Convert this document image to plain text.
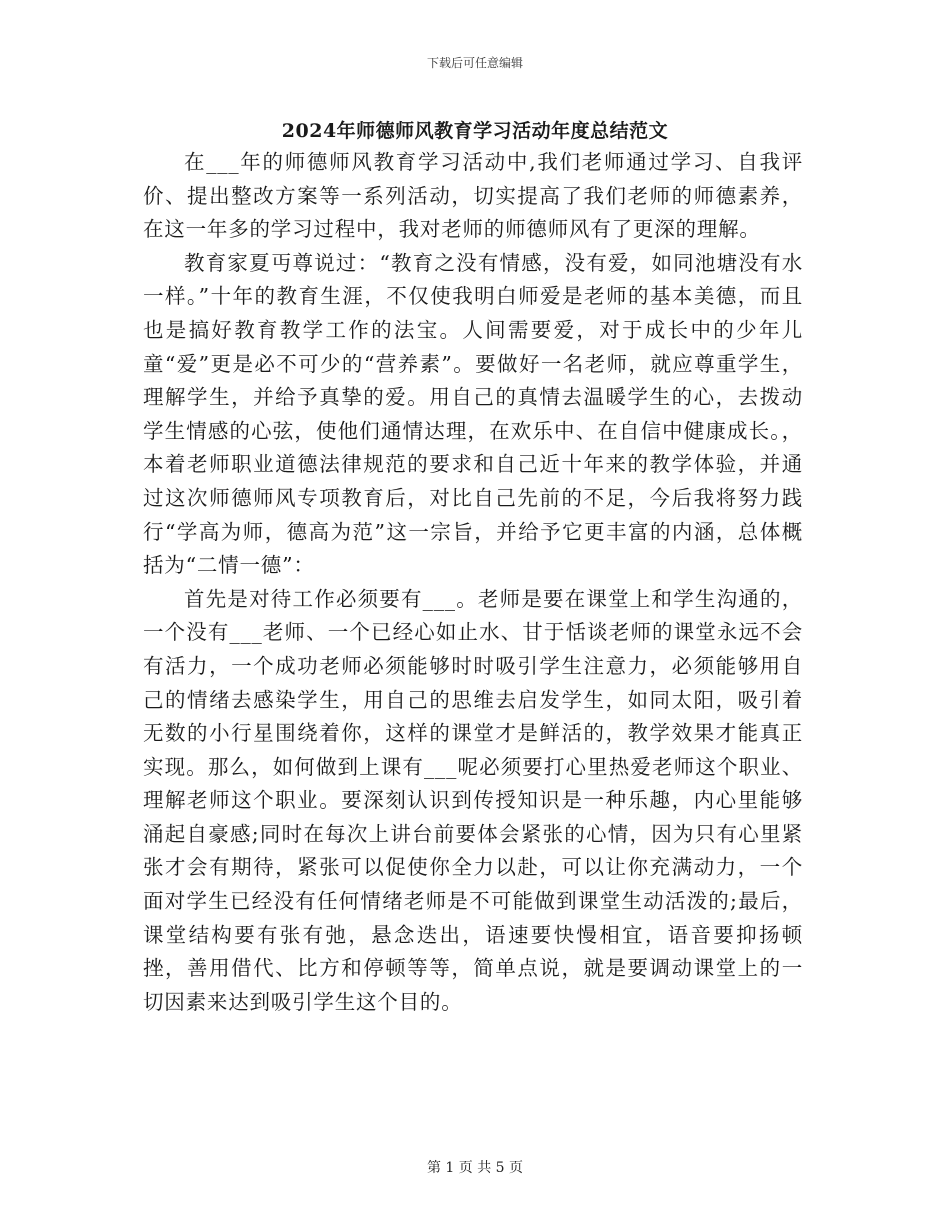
下载后可任意编辑
2024年师德师风教育学习活动年度总结范文

在___年的师德师风教育学习活动中,我们老师通过学习、自我评价、提出整改方案等一系列活动，切实提高了我们老师的师德素养，在这一年多的学习过程中，我对老师的师德师风有了更深的理解。

教育家夏丏尊说过：“教育之没有情感，没有爱，如同池塘没有水一样。”十年的教育生涯，不仅使我明白师爱是老师的基本美德，而且也是搞好教育教学工作的法宝。人间需要爱，对于成长中的少年儿童“爱”更是必不可少的“营养素”。要做好一名老师，就应尊重学生，理解学生，并给予真挚的爱。用自己的真情去温暖学生的心，去拨动学生情感的心弦，使他们通情达理，在欢乐中、在自信中健康成长。，本着老师职业道德法律规范的要求和自己近十年来的教学体验，并通过这次师德师风专项教育后，对比自己先前的不足，今后我将努力践行“学高为师，德高为范”这一宗旨，并给予它更丰富的内涵，总体概括为“二情一德”：

首先是对待工作必须要有___。老师是要在课堂上和学生沟通的，一个没有___老师、一个已经心如止水、甘于恬谈老师的课堂永远不会有活力，一个成功老师必须能够时时吸引学生注意力，必须能够用自己的情绪去感染学生，用自己的思维去启发学生，如同太阳，吸引着无数的小行星围绕着你，这样的课堂才是鲜活的，教学效果才能真正实现。那么，如何做到上课有___呢必须要打心里热爱老师这个职业、理解老师这个职业。要深刻认识到传授知识是一种乐趣，内心里能够涌起自豪感;同时在每次上讲台前要体会紧张的心情，因为只有心里紧张才会有期待，紧张可以促使你全力以赴，可以让你充满动力，一个面对学生已经没有任何情绪老师是不可能做到课堂生动活泼的;最后，课堂结构要有张有弛，悬念迭出，语速要快慢相宜，语音要抑扬顿挫，善用借代、比方和停顿等等，简单点说，就是要调动课堂上的一切因素来达到吸引学生这个目的。

第 1 页 共 5 页
